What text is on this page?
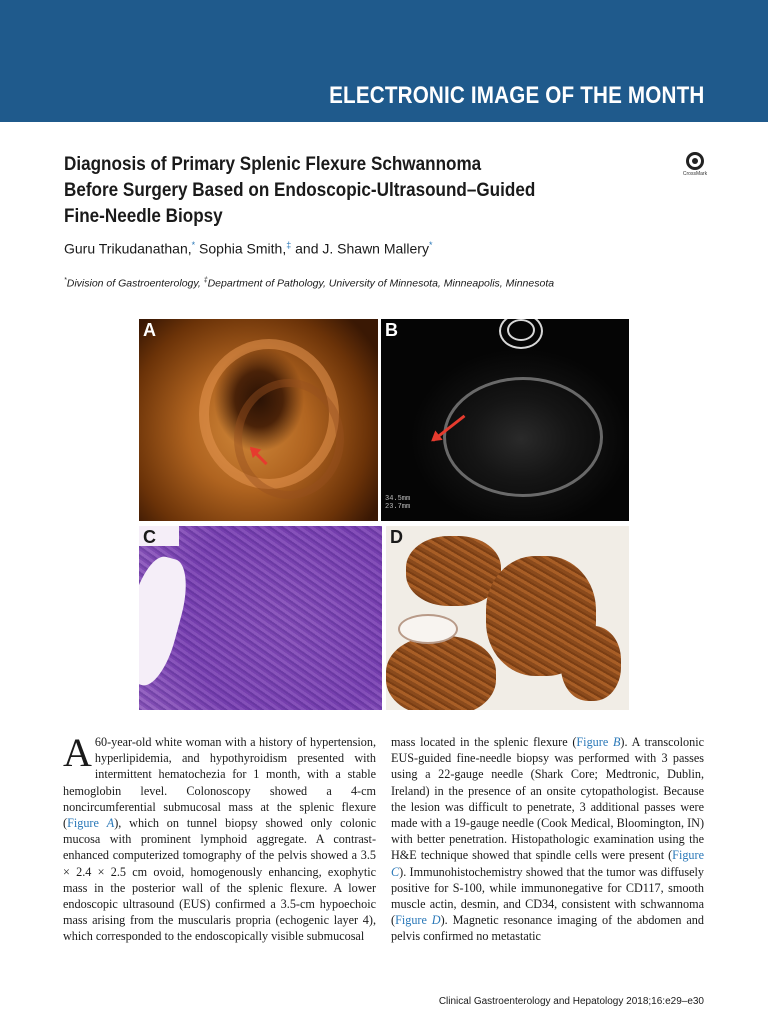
ELECTRONIC IMAGE OF THE MONTH
Diagnosis of Primary Splenic Flexure Schwannoma
Before Surgery Based on Endoscopic-Ultrasound–Guided
Fine-Needle Biopsy
CrossMark
Guru Trikudanathan,* Sophia Smith,‡ and J. Shawn Mallery*
*Division of Gastroenterology, ‡Department of Pathology, University of Minnesota, Minneapolis, Minnesota
A	B
34.5mm
23.7mm
C	D

A 60-year-old white woman with a history of hypertension, hyperlipidemia, and hypothyroidism presented with intermittent hematochezia for 1 month, with a stable hemoglobin level. Colonoscopy showed a 4-cm noncircumferential submucosal mass at the splenic flexure (Figure A), which on tunnel biopsy showed only colonic mucosa with prominent lymphoid aggregate. A contrast-enhanced computerized tomography of the pelvis showed a 3.5 × 2.4 × 2.5 cm ovoid, homogenously enhancing, exophytic mass in the posterior wall of the splenic flexure. A lower endoscopic ultrasound (EUS) confirmed a 3.5-cm hypoechoic mass arising from the muscularis propria (echogenic layer 4), which corresponded to the endoscopically visible submucosal

mass located in the splenic flexure (Figure B). A transcolonic EUS-guided fine-needle biopsy was performed with 3 passes using a 22-gauge needle (Shark Core; Medtronic, Dublin, Ireland) in the presence of an onsite cytopathologist. Because the lesion was difficult to penetrate, 3 additional passes were made with a 19-gauge needle (Cook Medical, Bloomington, IN) with better penetration. Histopathologic examination using the H&E technique showed that spindle cells were present (Figure C). Immunohistochemistry showed that the tumor was diffusely positive for S-100, while immunonegative for CD117, smooth muscle actin, desmin, and CD34, consistent with schwannoma (Figure D). Magnetic resonance imaging of the abdomen and pelvis confirmed no metastatic

Clinical Gastroenterology and Hepatology 2018;16:e29–e30
